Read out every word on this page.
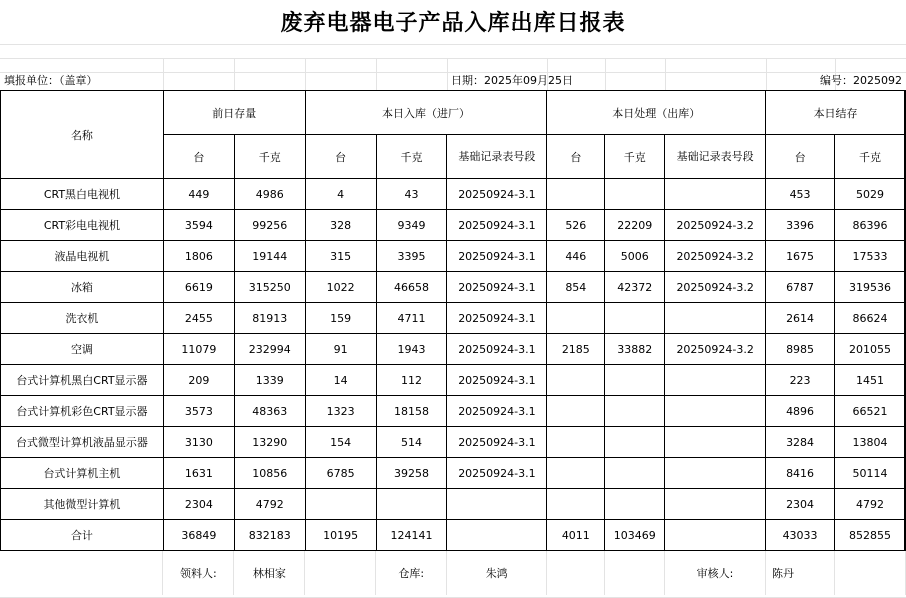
废弃电器电子产品入库出库日报表
填报单位：（盖章）	日期：2025年09月25日	编号：2025092
名称	前日存量		本日入库（进厂）			本日处理（出库）			本日结存	
	台	千克	台	千克	基础记录表号段	台	千克	基础记录表号段	台	千克
CRT黑白电视机	449	4986	4	43	20250924-3.1				453	5029
CRT彩电电视机	3594	99256	328	9349	20250924-3.1	526	22209	20250924-3.2	3396	86396
液晶电视机	1806	19144	315	3395	20250924-3.1	446	5006	20250924-3.2	1675	17533
冰箱	6619	315250	1022	46658	20250924-3.1	854	42372	20250924-3.2	6787	319536
洗衣机	2455	81913	159	4711	20250924-3.1				2614	86624
空调	11079	232994	91	1943	20250924-3.1	2185	33882	20250924-3.2	8985	201055
台式计算机黑白CRT显示器	209	1339	14	112	20250924-3.1				223	1451
台式计算机彩色CRT显示器	3573	48363	1323	18158	20250924-3.1				4896	66521
台式微型计算机液晶显示器	3130	13290	154	514	20250924-3.1				3284	13804
台式计算机主机	1631	10856	6785	39258	20250924-3.1				8416	50114
其他微型计算机	2304	4792							2304	4792
合计	36849	832183	10195	124141		4011	103469		43033	852855
	领料人:	林相家		仓库:	朱鸿			审核人:	陈丹	
